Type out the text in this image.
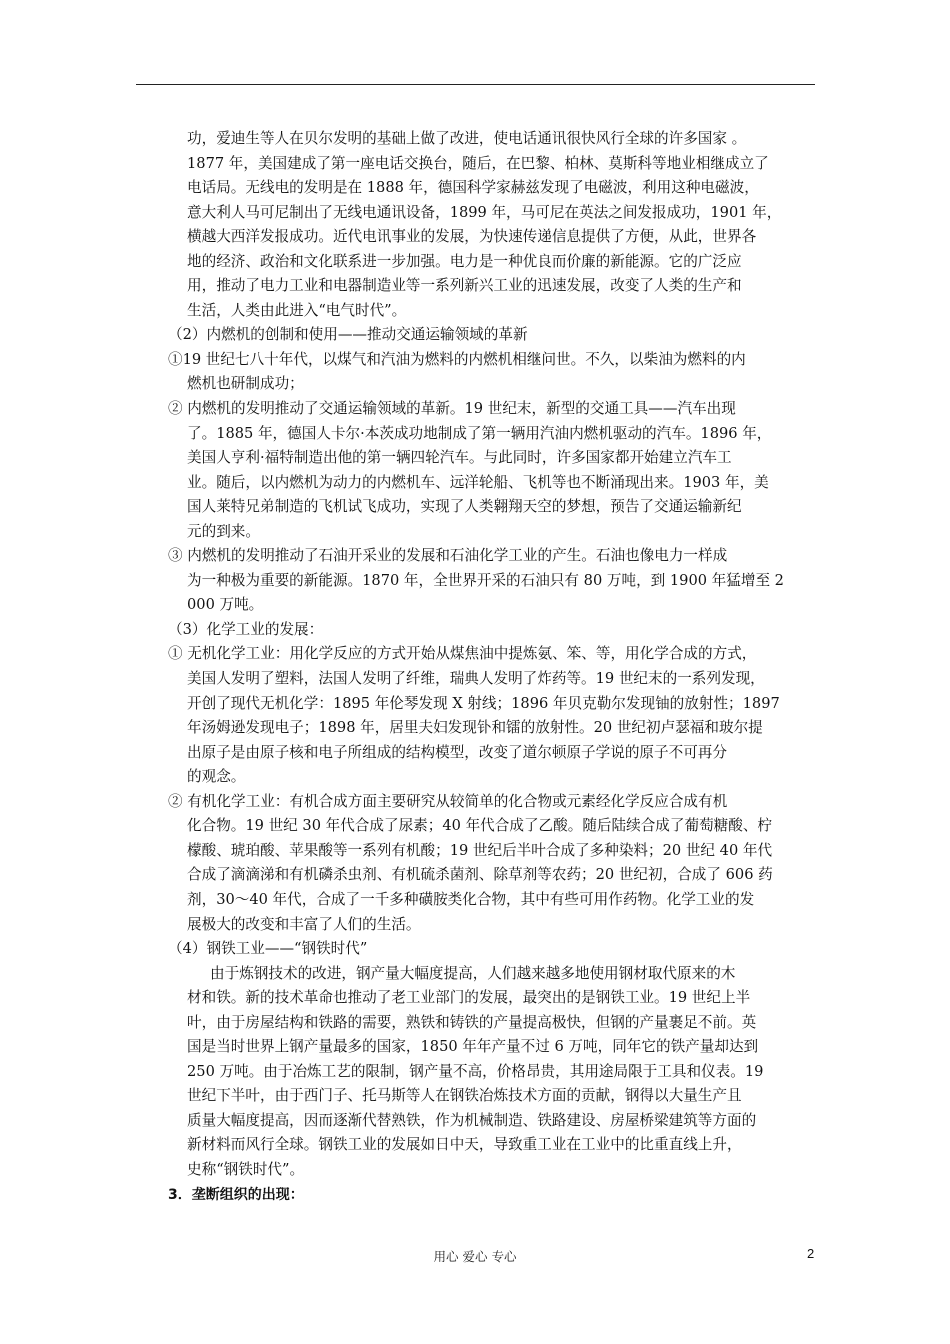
功，爱迪生等人在贝尔发明的基础上做了改进，使电话通讯很快风行全球的许多国家 。
1877 年，美国建成了第一座电话交换台，随后，在巴黎、柏林、莫斯科等地业相继成立了
电话局。无线电的发明是在 1888 年，德国科学家赫兹发现了电磁波，利用这种电磁波，
意大利人马可尼制出了无线电通讯设备，1899 年，马可尼在英法之间发报成功，1901 年，
横越大西洋发报成功。近代电讯事业的发展，为快速传递信息提供了方便，从此，世界各
地的经济、政治和文化联系进一步加强。电力是一种优良而价廉的新能源。它的广泛应
用，推动了电力工业和电器制造业等一系列新兴工业的迅速发展，改变了人类的生产和
生活，人类由此进入“电气时代”。
（2）内燃机的创制和使用——推动交通运输领域的革新
①19 世纪七八十年代，以煤气和汽油为燃料的内燃机相继问世。不久，以柴油为燃料的内
燃机也研制成功；
② 内燃机的发明推动了交通运输领域的革新。19 世纪末，新型的交通工具——汽车出现
了。1885 年，德国人卡尔·本茨成功地制成了第一辆用汽油内燃机驱动的汽车。1896 年，
美国人亨利·福特制造出他的第一辆四轮汽车。与此同时，许多国家都开始建立汽车工
业。随后，以内燃机为动力的内燃机车、远洋轮船、飞机等也不断涌现出来。1903 年，美
国人莱特兄弟制造的飞机试飞成功，实现了人类翱翔天空的梦想，预告了交通运输新纪
元的到来。
③ 内燃机的发明推动了石油开采业的发展和石油化学工业的产生。石油也像电力一样成
为一种极为重要的新能源。1870 年，全世界开采的石油只有 80 万吨，到 1900 年猛增至 2
000 万吨。
（3）化学工业的发展：
① 无机化学工业：用化学反应的方式开始从煤焦油中提炼氨、笨、等，用化学合成的方式，
美国人发明了塑料，法国人发明了纤维，瑞典人发明了炸药等。19 世纪末的一系列发现，
开创了现代无机化学：1895 年伦琴发现 X 射线；1896 年贝克勒尔发现铀的放射性；1897
年汤姆逊发现电子；1898 年，居里夫妇发现钋和镭的放射性。20 世纪初卢瑟福和玻尔提
出原子是由原子核和电子所组成的结构模型，改变了道尔顿原子学说的原子不可再分
的观念。
② 有机化学工业：有机合成方面主要研究从较简单的化合物或元素经化学反应合成有机
化合物。19 世纪 30 年代合成了尿素；40 年代合成了乙酸。随后陆续合成了葡萄糖酸、柠
檬酸、琥珀酸、苹果酸等一系列有机酸；19 世纪后半叶合成了多种染料；20 世纪 40 年代
合成了滴滴涕和有机磷杀虫剂、有机硫杀菌剂、除草剂等农药；20 世纪初，合成了 606 药
剂，30～40 年代，合成了一千多种磺胺类化合物，其中有些可用作药物。化学工业的发
展极大的改变和丰富了人们的生活。
（4）钢铁工业——“钢铁时代”
由于炼钢技术的改进，钢产量大幅度提高，人们越来越多地使用钢材取代原来的木
材和铁。新的技术革命也推动了老工业部门的发展，最突出的是钢铁工业。19 世纪上半
叶，由于房屋结构和铁路的需要，熟铁和铸铁的产量提高极快，但钢的产量裹足不前。英
国是当时世界上钢产量最多的国家，1850 年年产量不过 6 万吨，同年它的铁产量却达到
250 万吨。由于冶炼工艺的限制，钢产量不高，价格昂贵，其用途局限于工具和仪表。19
世纪下半叶，由于西门子、托马斯等人在钢铁冶炼技术方面的贡献，钢得以大量生产且
质量大幅度提高，因而逐渐代替熟铁，作为机械制造、铁路建设、房屋桥梁建筑等方面的
新材料而风行全球。钢铁工业的发展如日中天，导致重工业在工业中的比重直线上升，
史称“钢铁时代”。
3．垄断组织的出现：
用心 爱心 专心	2
